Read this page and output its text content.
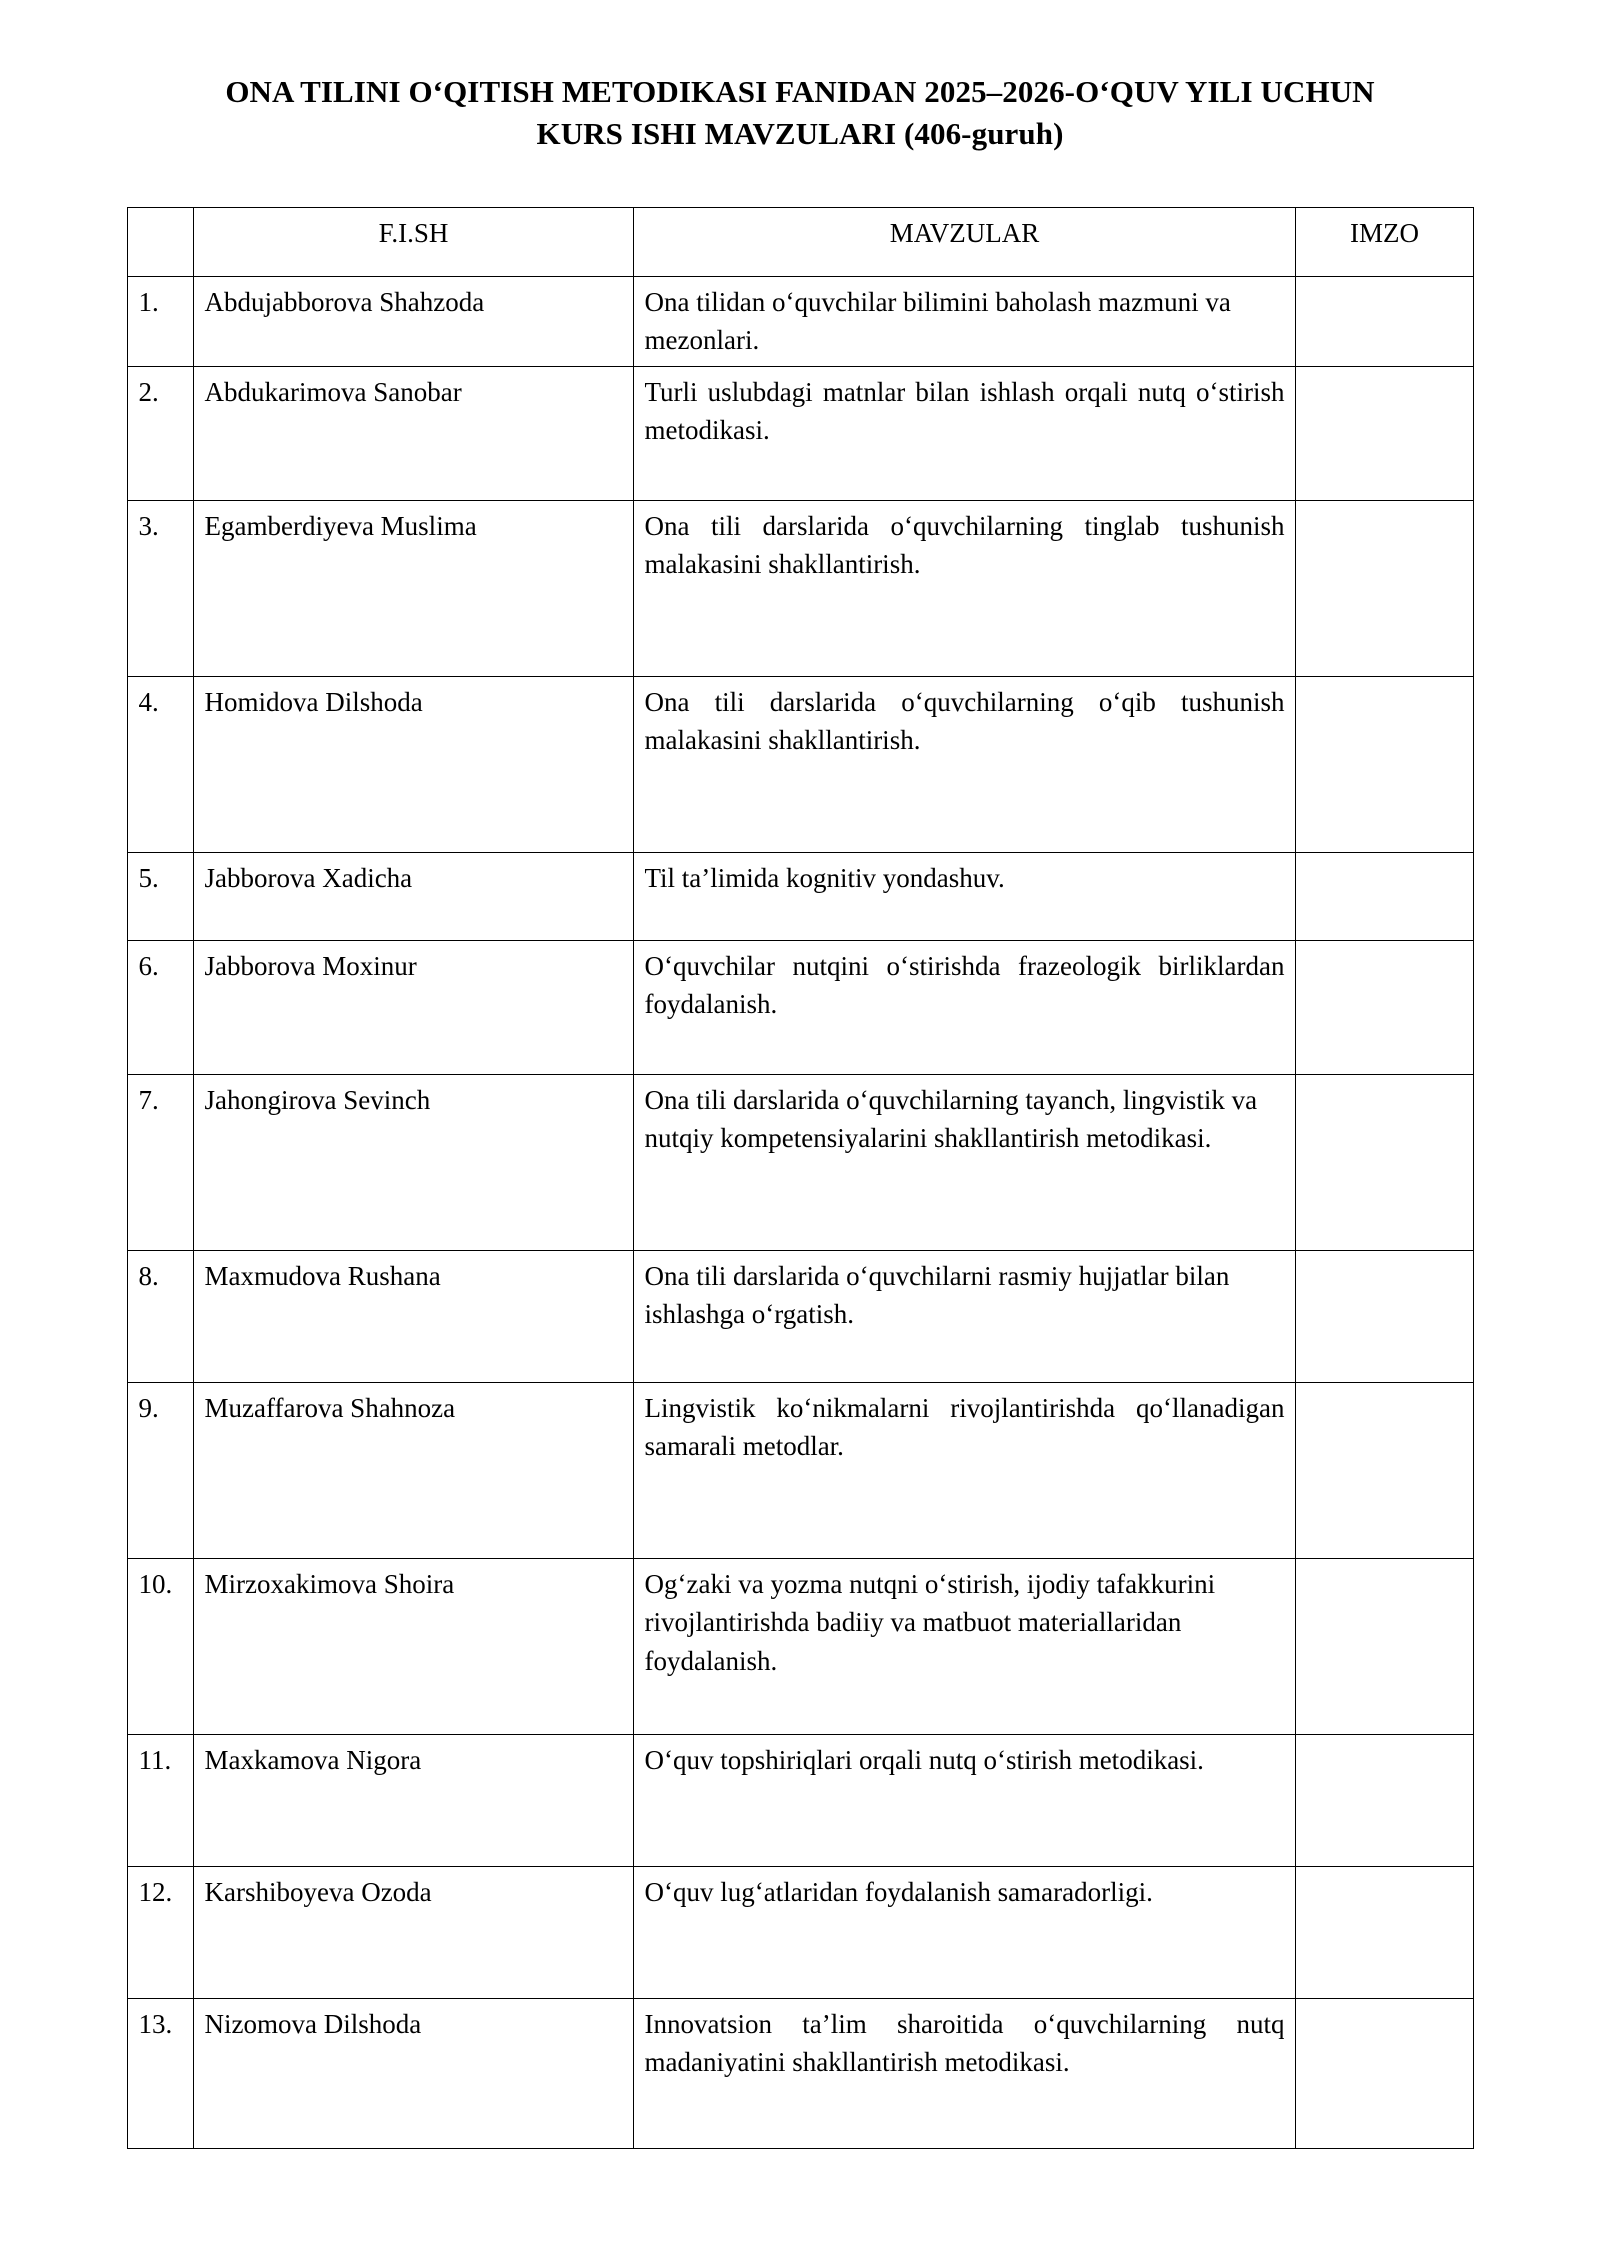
ONA TILINI O‘QITISH METODIKASI FANIDAN 2025–2026-O‘QUV YILI UCHUN
KURS ISHI MAVZULARI (406-guruh)
	F.I.SH	MAVZULAR	IMZO
1.	Abdujabborova Shahzoda	Ona tilidan o‘quvchilar bilimini baholash mazmuni va mezonlari.	
2.	Abdukarimova Sanobar	Turli uslubdagi matnlar bilan ishlash orqali nutq o‘stirish metodikasi.	
3.	Egamberdiyeva Muslima	Ona tili darslarida o‘quvchilarning tinglab tushunish malakasini shakllantirish.	
4.	Homidova Dilshoda	Ona tili darslarida o‘quvchilarning o‘qib tushunish malakasini shakllantirish.	
5.	Jabborova Xadicha	Til ta’limida kognitiv yondashuv.	
6.	Jabborova Moxinur	O‘quvchilar nutqini o‘stirishda frazeologik birliklardan foydalanish.	
7.	Jahongirova Sevinch	Ona tili darslarida o‘quvchilarning tayanch, lingvistik va nutqiy kompetensiyalarini shakllantirish metodikasi.	
8.	Maxmudova Rushana	Ona tili darslarida o‘quvchilarni rasmiy hujjatlar bilan ishlashga o‘rgatish.	
9.	Muzaffarova Shahnoza	Lingvistik ko‘nikmalarni rivojlantirishda qo‘llanadigan samarali metodlar.	
10.	Mirzoxakimova Shoira	Og‘zaki va yozma nutqni o‘stirish, ijodiy tafakkurini rivojlantirishda badiiy va matbuot materiallaridan foydalanish.	
11.	Maxkamova Nigora	O‘quv topshiriqlari orqali nutq o‘stirish metodikasi.	
12.	Karshiboyeva Ozoda	O‘quv lug‘atlaridan foydalanish samaradorligi.	
13.	Nizomova Dilshoda	Innovatsion ta’lim sharoitida o‘quvchilarning nutq madaniyatini shakllantirish metodikasi.	
